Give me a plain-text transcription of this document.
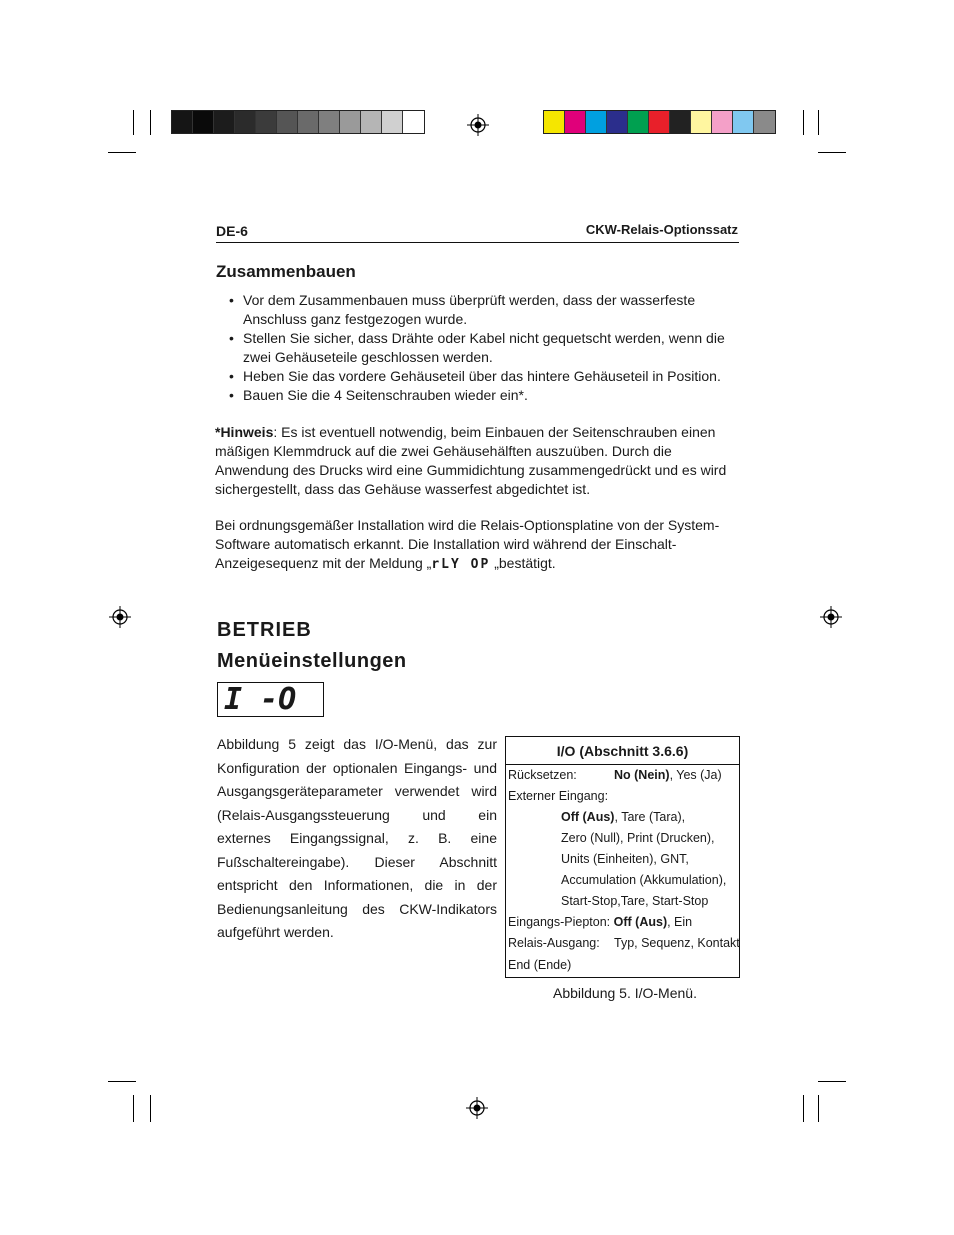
DE-6	CKW-Relais-Optionssatz
Zusammenbauen
• Vor dem Zusammenbauen muss überprüft werden, dass der wasserfeste Anschluss ganz festgezogen wurde.
• Stellen Sie sicher, dass Drähte oder Kabel nicht gequetscht werden, wenn die zwei Gehäuseteile geschlossen werden.
• Heben Sie das vordere Gehäuseteil über das hintere Gehäuseteil in Position.
• Bauen Sie die 4 Seitenschrauben wieder ein*.

*Hinweis: Es ist eventuell notwendig, beim Einbauen der Seitenschrauben einen mäßigen Klemmdruck auf die zwei Gehäusehälften auszuüben. Durch die Anwendung des Drucks wird eine Gummidichtung zusammengedrückt und es wird sichergestellt, dass das Gehäuse wasserfest abgedichtet ist.

Bei ordnungsgemäßer Installation wird die Relais-Optionsplatine von der System-Software automatisch erkannt. Die Installation wird während der Einschalt-Anzeigesequenz mit der Meldung „rLY OP „bestätigt.

BETRIEB
Menüeinstellungen
I -O

Abbildung 5 zeigt das I/O-Menü, das zur Konfiguration der optionalen Eingangs- und Ausgangsgeräteparameter verwendet wird (Relais-Ausgangssteuerung und ein externes Eingangssignal, z. B. eine Fußschaltereingabe). Dieser Abschnitt entspricht den Informationen, die in der Bedienungsanleitung des CKW-Indikators aufgeführt werden.

I/O (Abschnitt 3.6.6)
Rücksetzen:	No (Nein), Yes (Ja)
Externer Eingang:
Off (Aus), Tare (Tara),
Zero (Null), Print (Drucken),
Units (Einheiten), GNT,
Accumulation (Akkumulation),
Start-Stop,Tare, Start-Stop
Eingangs-Piepton: Off (Aus), Ein
Relais-Ausgang: Typ, Sequenz, Kontakt
End (Ende)
Abbildung 5. I/O-Menü.
